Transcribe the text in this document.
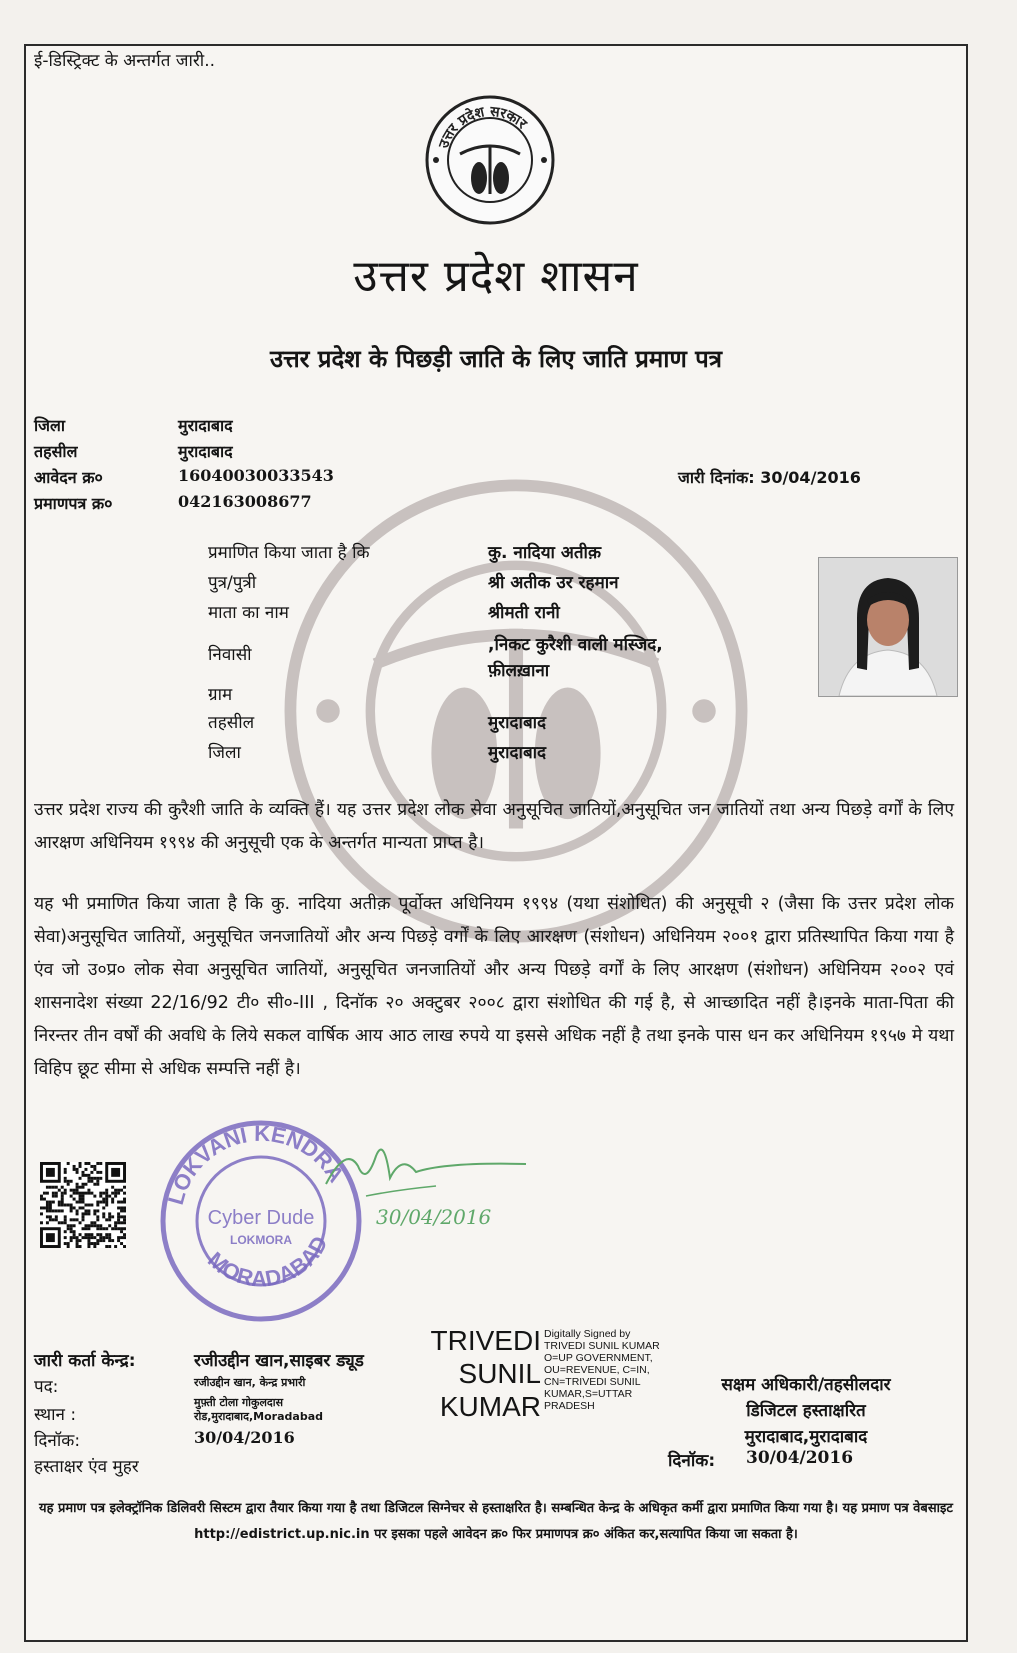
ई-डिस्ट्रिक्ट के अन्तर्गत जारी..
उत्तर प्रदेश सरकार
उत्तर प्रदेश शासन
उत्तर प्रदेश के पिछड़ी जाति के लिए जाति प्रमाण पत्र
जिला	मुरादाबाद
तहसील	मुरादाबाद
आवेदन क्र०	16040030033543
प्रमाणपत्र क्र०	042163008677
जारी दिनांक: 30/04/2016
प्रमाणित किया जाता है कि	कु. नादिया अतीक़
पुत्र/पुत्री	श्री अतीक उर रहमान
माता का नाम	श्रीमती रानी
निवासी	,निकट कुरैशी वाली मस्जिद,
फ़ीलख़ाना
ग्राम
तहसील	मुरादाबाद
जिला	मुरादाबाद
उत्तर प्रदेश राज्य की कुरैशी जाति के व्यक्ति हैं। यह उत्तर प्रदेश लोक सेवा अनुसूचित जातियों,अनुसूचित जन जातियों तथा अन्य पिछड़े वर्गों के लिए आरक्षण अधिनियम १९९४ की अनुसूची एक के अन्तर्गत मान्यता प्राप्त है।
यह भी प्रमाणित किया जाता है कि कु. नादिया अतीक़ पूर्वोक्त अधिनियम १९९४ (यथा संशोधित) की अनुसूची २ (जैसा कि उत्तर प्रदेश लोक सेवा)अनुसूचित जातियों, अनुसूचित जनजातियों और अन्य पिछड़े वर्गों के लिए आरक्षण (संशोधन) अधिनियम २००१ द्वारा प्रतिस्थापित किया गया है एंव जो उ०प्र० लोक सेवा अनुसूचित जातियों, अनुसूचित जनजातियों और अन्य पिछड़े वर्गों के लिए आरक्षण (संशोधन) अधिनियम २००२ एवं शासनादेश संख्या 22/16/92 टी० सी०-III , दिनॉक २० अक्टुबर २००८ द्वारा संशोधित की गई है, से आच्छादित नहीं है।इनके माता-पिता की निरन्तर तीन वर्षों की अवधि के लिये सकल वार्षिक आय आठ लाख रुपये या इससे अधिक नहीं है तथा इनके पास धन कर अधिनियम १९५७ मे यथा विहिप छूट सीमा से अधिक सम्पत्ति नहीं है।
LOKVANI KENDRA
MORADABAD
Cyber Dude
LOKMORA
30/04/2016
TRIVEDI
SUNIL
KUMAR
Digitally Signed by TRIVEDI SUNIL KUMAR O=UP GOVERNMENT, OU=REVENUE, C=IN, CN=TRIVEDI SUNIL KUMAR,S=UTTAR PRADESH
जारी कर्ता केन्द्र:	रजीउद्दीन खान,साइबर ड्यूड
पद:	रजीउद्दीन खान, केन्द्र प्रभारी
स्थान :
मुफ़्ती टोला गोकुलदास
रोड,मुरादाबाद,Moradabad
दिनॉक:	30/04/2016
हस्ताक्षर एंव मुहर
सक्षम अधिकारी/तहसीलदार
डिजिटल हस्ताक्षरित
मुरादाबाद,मुरादाबाद
दिनॉक: 30/04/2016
यह प्रमाण पत्र इलेक्ट्रॉनिक डिलिवरी सिस्टम द्वारा तैयार किया गया है तथा डिजिटल सिग्नेचर से हस्ताक्षरित है। सम्बन्धित केन्द्र के अधिकृत कर्मी द्वारा प्रमाणित किया गया है। यह प्रमाण पत्र वेबसाइट http://edistrict.up.nic.in पर इसका पहले आवेदन क्र० फिर प्रमाणपत्र क्र० अंकित कर,सत्यापित किया जा सकता है।
